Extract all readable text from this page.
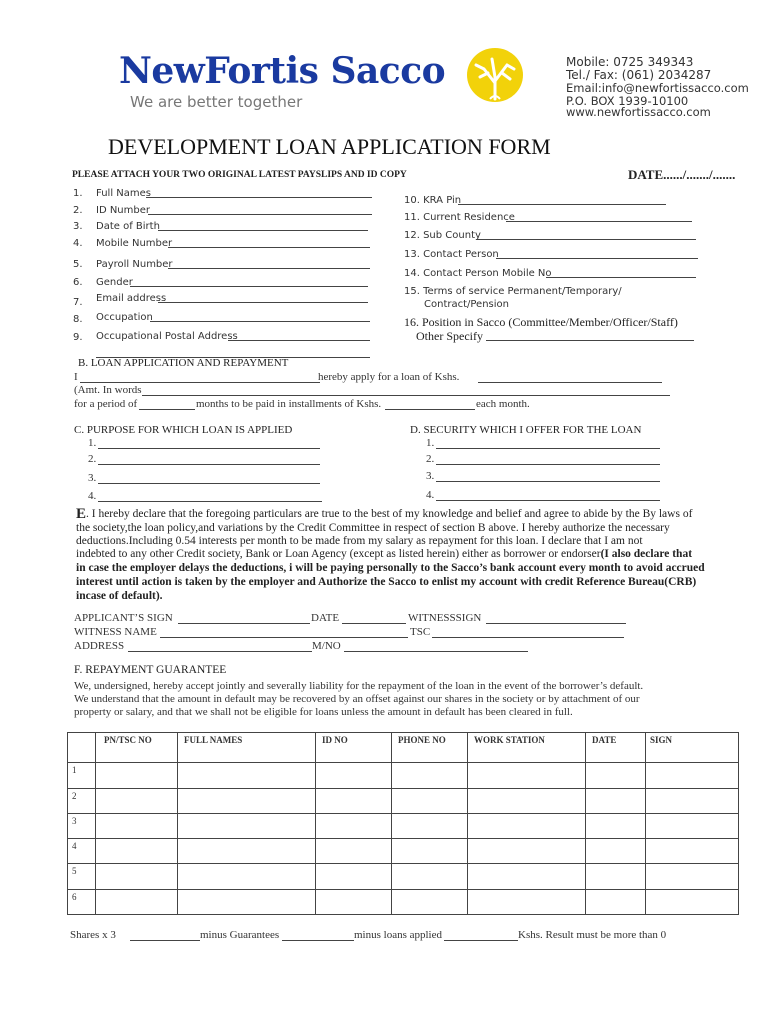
NewFortis Sacco
We are better together
Mobile: 0725 349343
Tel./ Fax: (061) 2034287
Email:info@newfortissacco.com
P.O. BOX 1939-10100
www.newfortissacco.com
DEVELOPMENT LOAN APPLICATION FORM
PLEASE ATTACH YOUR TWO ORIGINAL LATEST PAYSLIPS AND ID COPY	DATE....../......./.......
1. Full Names
2. ID Number
3. Date of Birth
4. Mobile Number
5. Payroll Number
6. Gender
7. Email address
8. Occupation
9. Occupational Postal Address
10. KRA Pin
11. Current Residence
12. Sub County
13. Contact Person
14. Contact Person Mobile No
15. Terms of service Permanent/Temporary/
Contract/Pension
16. Position in Sacco (Committee/Member/Officer/Staff)
Other Specify
B. LOAN APPLICATION AND REPAYMENT
I	hereby apply for a loan of Kshs.
(Amt. In words
for a period of	months to be paid in installments of Kshs.	each month.
C. PURPOSE FOR WHICH LOAN IS APPLIED
1.
2.
3.
4.
D. SECURITY WHICH I OFFER FOR THE LOAN
1.
2.
3.
4.
E . I hereby declare that the foregoing particulars are true to the best of my knowledge and belief and agree to abide by the By laws of
the society,the loan policy,and variations by the Credit Committee in respect of section B above. I hereby authorize the necessary
deductions.Including 0.54 interests per month to be made from my salary as repayment for this loan. I declare that I am not
indebted to any other Credit society, Bank or Loan Agency (except as listed herein) either as borrower or endorser(I also declare that
in case the employer delays the deductions, i will be paying personally to the Sacco’s bank account every month to avoid accrued
interest until action is taken by the employer and Authorize the Sacco to enlist my account with credit Reference Bureau(CRB)
incase of default).
APPLICANT’S SIGN	DATE	WITNESSSIGN
WITNESS NAME	TSC
ADDRESS	M/NO
F. REPAYMENT GUARANTEE
We, undersigned, hereby accept jointly and severally liability for the repayment of the loan in the event of the borrower’s default.
We understand that the amount in default may be recovered by an offset against our shares in the society or by attachment of our
property or salary, and that we shall not be eligible for loans unless the amount in default has been cleared in full.
	PN/TSC NO	FULL NAMES	ID NO	PHONE NO	WORK STATION	DATE	SIGN
1							
2							
3							
4							
5							
6							
Shares x 3	minus Guarantees	minus loans applied	Kshs. Result must be more than 0
